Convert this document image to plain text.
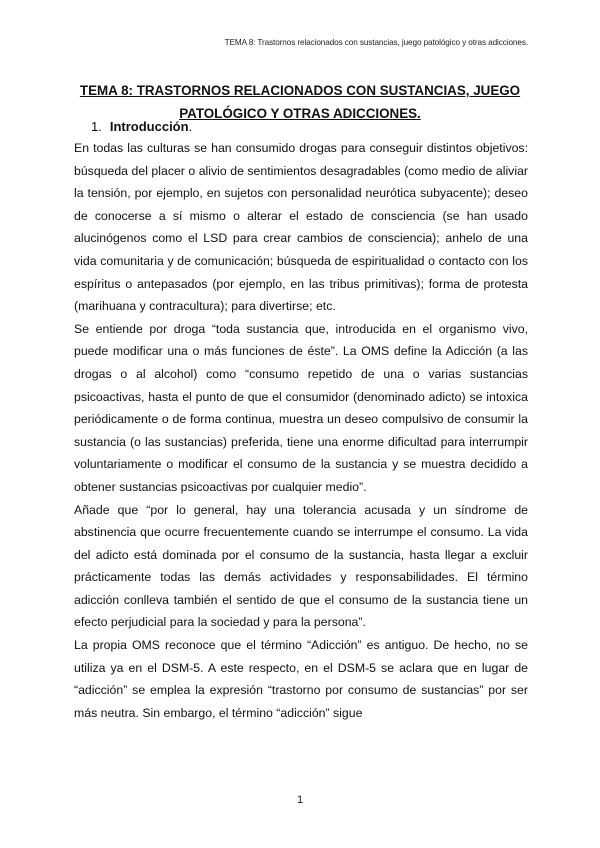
TEMA 8: Trastornos relacionados con sustancias, juego patológico y otras adicciones.
TEMA 8: TRASTORNOS RELACIONADOS CON SUSTANCIAS, JUEGO PATOLÓGICO Y OTRAS ADICCIONES.
1. Introducción.

En todas las culturas se han consumido drogas para conseguir distintos objetivos: búsqueda del placer o alivio de sentimientos desagradables (como medio de aliviar la tensión, por ejemplo, en sujetos con personalidad neurótica subyacente); deseo de conocerse a sí mismo o alterar el estado de consciencia (se han usado alucinógenos como el LSD para crear cambios de consciencia); anhelo de una vida comunitaria y de comunicación; búsqueda de espiritualidad o contacto con los espíritus o antepasados (por ejemplo, en las tribus primitivas); forma de protesta (marihuana y contracultura); para divertirse; etc.

Se entiende por droga “toda sustancia que, introducida en el organismo vivo, puede modificar una o más funciones de éste”. La OMS define la Adicción (a las drogas o al alcohol) como “consumo repetido de una o varias sustancias psicoactivas, hasta el punto de que el consumidor (denominado adicto) se intoxica periódicamente o de forma continua, muestra un deseo compulsivo de consumir la sustancia (o las sustancias) preferida, tiene una enorme dificultad para interrumpir voluntariamente o modificar el consumo de la sustancia y se muestra decidido a obtener sustancias psicoactivas por cualquier medio”.

Añade que “por lo general, hay una tolerancia acusada y un síndrome de abstinencia que ocurre frecuentemente cuando se interrumpe el consumo. La vida del adicto está dominada por el consumo de la sustancia, hasta llegar a excluir prácticamente todas las demás actividades y responsabilidades. El término adicción conlleva también el sentido de que el consumo de la sustancia tiene un efecto perjudicial para la sociedad y para la persona”.

La propia OMS reconoce que el término “Adicción” es antiguo. De hecho, no se utiliza ya en el DSM-5. A este respecto, en el DSM-5 se aclara que en lugar de “adicción” se emplea la expresión “trastorno por consumo de sustancias” por ser más neutra. Sin embargo, el término “adicción” sigue

1
